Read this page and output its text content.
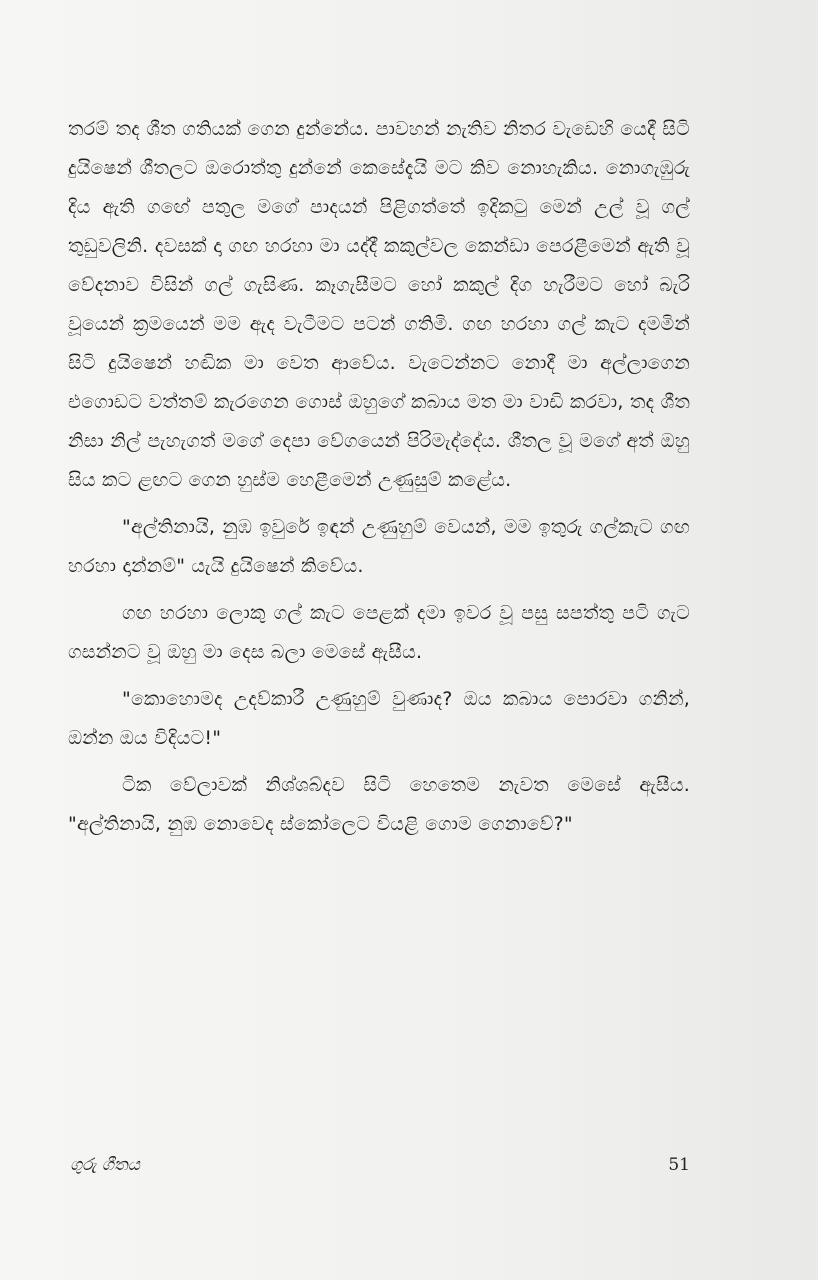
තරම් තද ශීත ගතියක් ගෙන දුන්නේය. පාවහන් නැතිව නිතර වැඩෙහි යෙදී සිටි දුයිෂෙන් ශීතලට ඔරොත්තු දුන්නේ කෙසේදැයි මට කිව නොහැකිය. නොගැඹුරු දිය ඇති ගඟේ පතුල මගේ පාදයන් පිළිගත්තේ ඉදිකටු මෙන් උල් වූ ගල් තුඩුවලිනි. දවසක් දා ගඟ හරහා මා යද්දී කකුල්වල කෙන්ඩා පෙරළීමෙන් ඇති වූ වේදනාව විසින් ගල් ගැසිණ. කෑගැසීමට හෝ කකුල් දිග හැරීමට හෝ බැරි වූයෙන් ක්‍රමයෙන් මම ඇද වැටීමට පටන් ගතිමි. ගඟ හරහා ගල් කැට දමමින් සිටි දුයිෂෙන් හඬික මා වෙත ආවේය. වැටෙන්නට නොදී මා අල්ලාගෙන එගොඩට වත්තම් කැරගෙන ගොස් ඔහුගේ කබාය මත මා වාඩි කරවා, තද ශීත නිසා නිල් පැහැගත් මගේ දෙපා වේගයෙන් පිරිමැද්දේය. ශීතල වූ මගේ අත් ඔහු සිය කට ළඟට ගෙන හුස්ම හෙළීමෙන් උණුසුම් කළේය.

"අල්තිනායි, නුඹ ඉවුරේ ඉඳන් උණුහුම් වෙයන්, මම ඉතුරු ගල්කැට ගඟ හරහා දාන්නම්" යැයි දුයිෂෙන් කිවේය.

ගඟ හරහා ලොකු ගල් කැට පෙළක් දමා ඉවර වූ පසු සපත්තු පටි ගැට ගසන්නට වූ ඔහු මා දෙස බලා මෙසේ ඇසීය.

"කොහොමද උදව්කාරී උණුහුම් වුණාද? ඔය කබාය පොරවා ගනින්, ඔන්න ඔය විදියට!"

ටික වේලාවක් නිශ්ශබ්දව සිටි හෙතෙම නැවත මෙසේ ඇසීය. "අල්තිනායි, නුඹ නොවෙද ස්කෝලෙට වියළි ගොම ගෙනාවේ?"

ගුරු ගීතය	51
